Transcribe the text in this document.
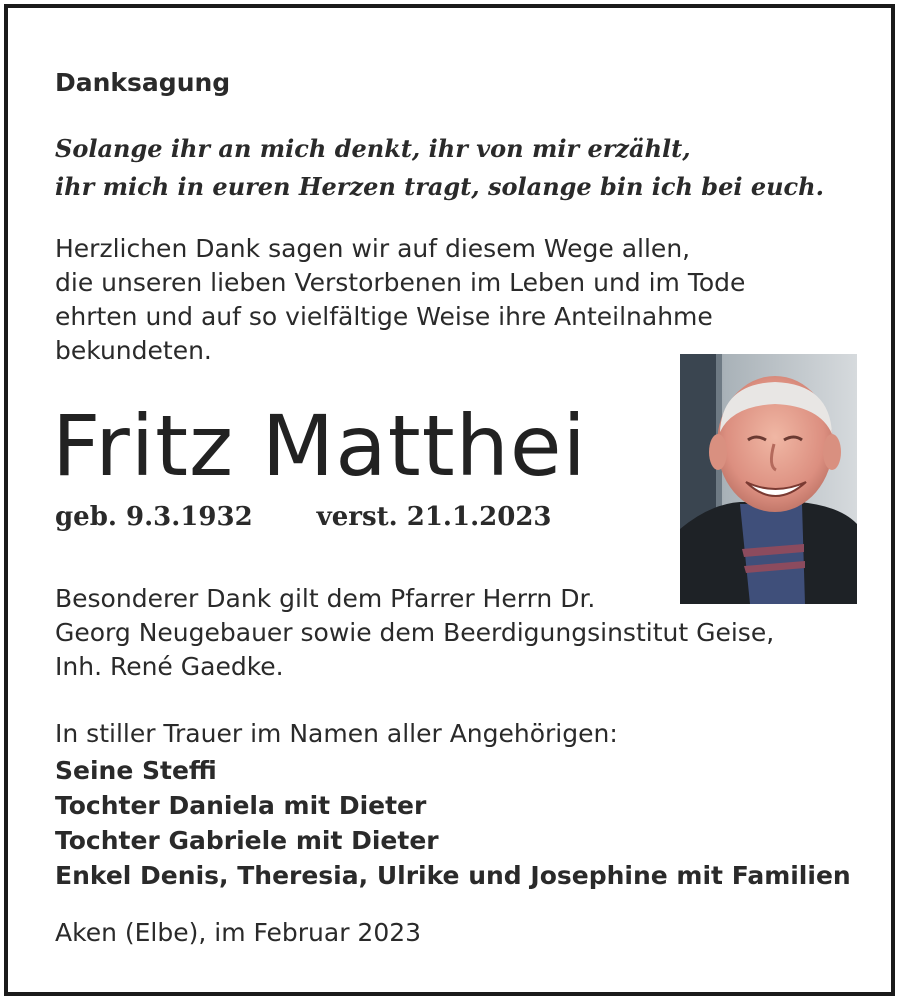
Danksagung
Solange ihr an mich denkt, ihr von mir erzählt,
ihr mich in euren Herzen tragt, solange bin ich bei euch.
Herzlichen Dank sagen wir auf diesem Wege allen,
die unseren lieben Verstorbenen im Leben und im Tode
ehrten und auf so vielfältige Weise ihre Anteilnahme
bekundeten.
Fritz Matthei
geb. 9.3.1932 verst. 21.1.2023
Besonderer Dank gilt dem Pfarrer Herrn Dr.
Georg Neugebauer sowie dem Beerdigungsinstitut Geise,
Inh. René Gaedke.
In stiller Trauer im Namen aller Angehörigen:
Seine Steffi
Tochter Daniela mit Dieter
Tochter Gabriele mit Dieter
Enkel Denis, Theresia, Ulrike und Josephine mit Familien
Aken (Elbe), im Februar 2023
